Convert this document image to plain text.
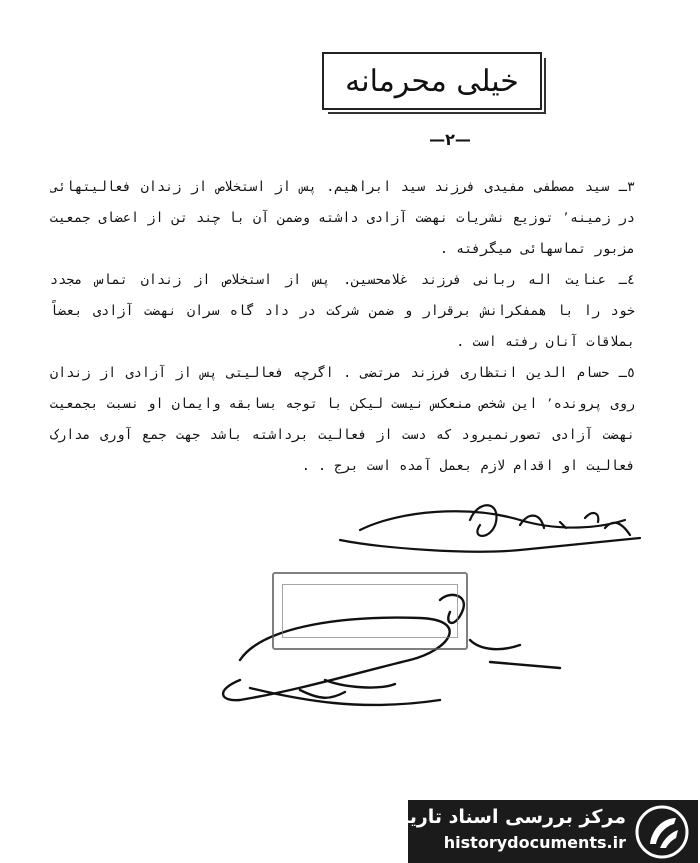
خیلی محرمانه
—٢—
٣ـ سید مصطفی مفیدی فرزند سید ابراهیم. پس از استخلاص از زندان فعالیتهائی
در زمینه٬ توزیع نشریات نهضت آزادی داشته وضمن آن با چند تن از اعضای جمعیت
مزبور تماسهائی میگرفته .
٤ـ عنایت اله ربانی فرزند غلامحسین. پس از استخلاص از زندان تماس مجدد
خود را با همفکرانش برقرار و ضمن شرکت در داد گاه سران نهضت آزادی بعضاً
بملاقات آنان رفته است .
٥ـ حسام الدین انتظاری فرزند مرتضی . اگرچه فعالیتی پس از آزادی از زندان
روی پرونده٬ این شخص منعکس نیست لیکن با توجه بسابقه وایمان او نسبت بجمعیت
نهضت آزادی تصورنمیرود که دست از فعالیت برداشته باشد جهت جمع آوری مدارک
فعالیت او اقدام لازم بعمل آمده است برج . .
مرکز بررسی اسناد تاریخی
historydocuments.ir
